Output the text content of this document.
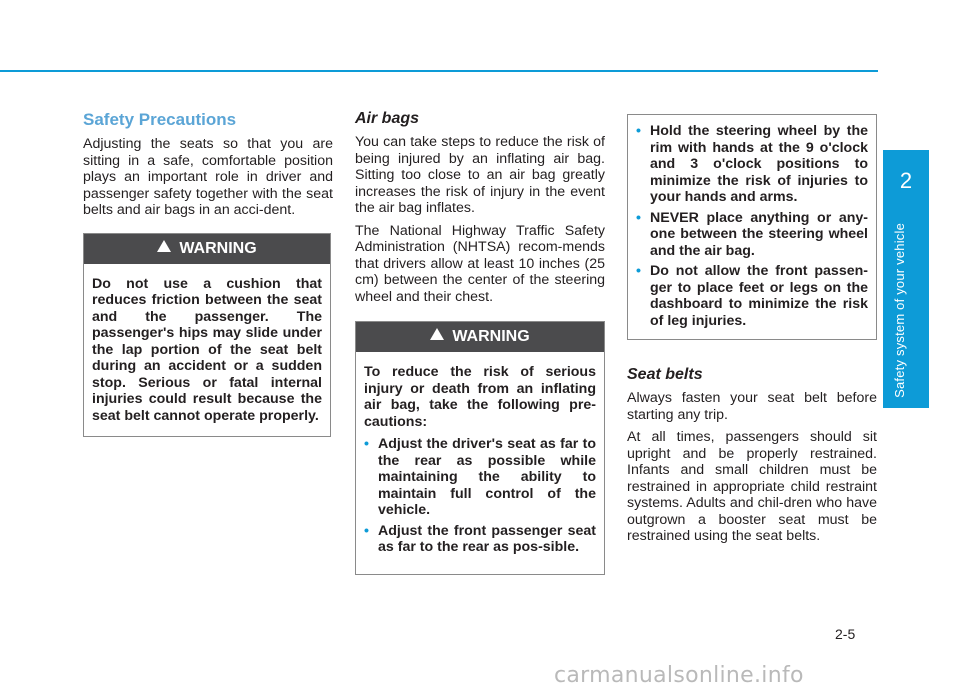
2
Safety system of your vehicle
Safety Precautions

Adjusting the seats so that you are sitting in a safe, comfortable position plays an important role in driver and passenger safety together with the seat belts and air bags in an acci-dent.

WARNING
Do not use a cushion that reduces friction between the seat and the passenger. The passenger's hips may slide under the lap portion of the seat belt during an accident or a sudden stop. Serious or fatal internal injuries could result because the seat belt cannot operate properly.
Air bags

You can take steps to reduce the risk of being injured by an inflating air bag. Sitting too close to an air bag greatly increases the risk of injury in the event the air bag inflates.

The National Highway Traffic Safety Administration (NHTSA) recom-mends that drivers allow at least 10 inches (25 cm) between the center of the steering wheel and their chest.

WARNING
To reduce the risk of serious injury or death from an inflating air bag, take the following pre-cautions:
• Adjust the driver's seat as far to the rear as possible while maintaining the ability to maintain full control of the vehicle.
• Adjust the front passenger seat as far to the rear as pos-sible.
• Hold the steering wheel by the rim with hands at the 9 o'clock and 3 o'clock positions to minimize the risk of injuries to your hands and arms.
• NEVER place anything or any-one between the steering wheel and the air bag.
• Do not allow the front passen-ger to place feet or legs on the dashboard to minimize the risk of leg injuries.
Seat belts

Always fasten your seat belt before starting any trip.

At all times, passengers should sit upright and be properly restrained. Infants and small children must be restrained in appropriate child restraint systems. Adults and chil-dren who have outgrown a booster seat must be restrained using the seat belts.

2-5
carmanualsonline.info
